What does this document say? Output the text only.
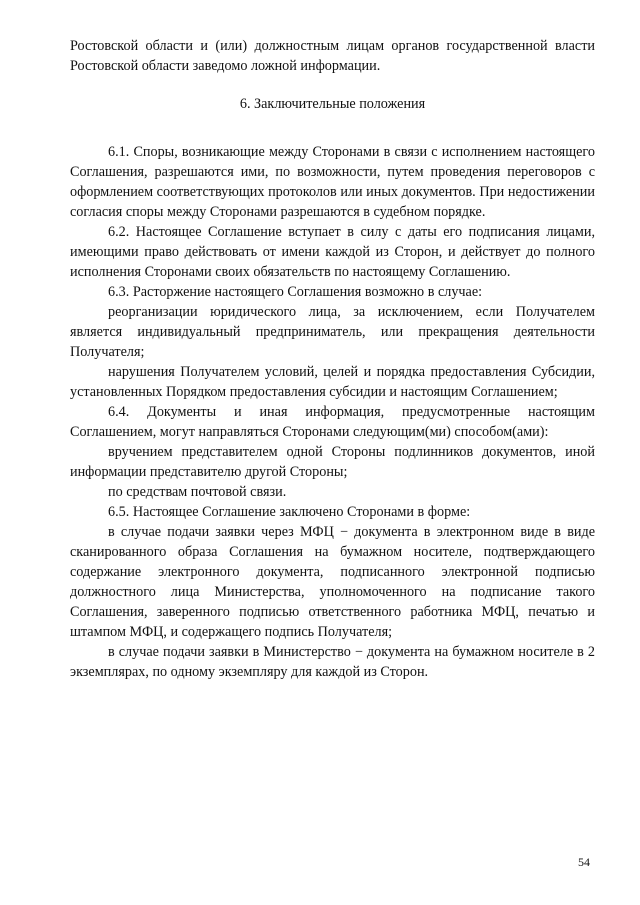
Ростовской области и (или) должностным лицам органов государственной власти Ростовской области заведомо ложной информации.

6. Заключительные положения

6.1. Споры, возникающие между Сторонами в связи с исполнением настоящего Соглашения, разрешаются ими, по возможности, путем проведения переговоров с оформлением соответствующих протоколов или иных документов. При недостижении согласия споры между Сторонами разрешаются в судебном порядке.

6.2. Настоящее Соглашение вступает в силу с даты его подписания лицами, имеющими право действовать от имени каждой из Сторон, и действует до полного исполнения Сторонами своих обязательств по настоящему Соглашению.

6.3. Расторжение настоящего Соглашения возможно в случае:

реорганизации юридического лица, за исключением, если Получателем является индивидуальный предприниматель, или прекращения деятельности Получателя;

нарушения Получателем условий, целей и порядка предоставления Субсидии, установленных Порядком предоставления субсидии и настоящим Соглашением;

6.4. Документы и иная информация, предусмотренные настоящим Соглашением, могут направляться Сторонами следующим(ми) способом(ами):

вручением представителем одной Стороны подлинников документов, иной информации представителю другой Стороны;

по средствам почтовой связи.

6.5. Настоящее Соглашение заключено Сторонами в форме:

в случае подачи заявки через МФЦ − документа в электронном виде в виде сканированного образа Соглашения на бумажном носителе, подтверждающего содержание электронного документа, подписанного электронной подписью должностного лица Министерства, уполномоченного на подписание такого Соглашения, заверенного подписью ответственного работника МФЦ, печатью и штампом МФЦ, и содержащего подпись Получателя;

в случае подачи заявки в Министерство − документа на бумажном носителе в 2 экземплярах, по одному экземпляру для каждой из Сторон.

54
